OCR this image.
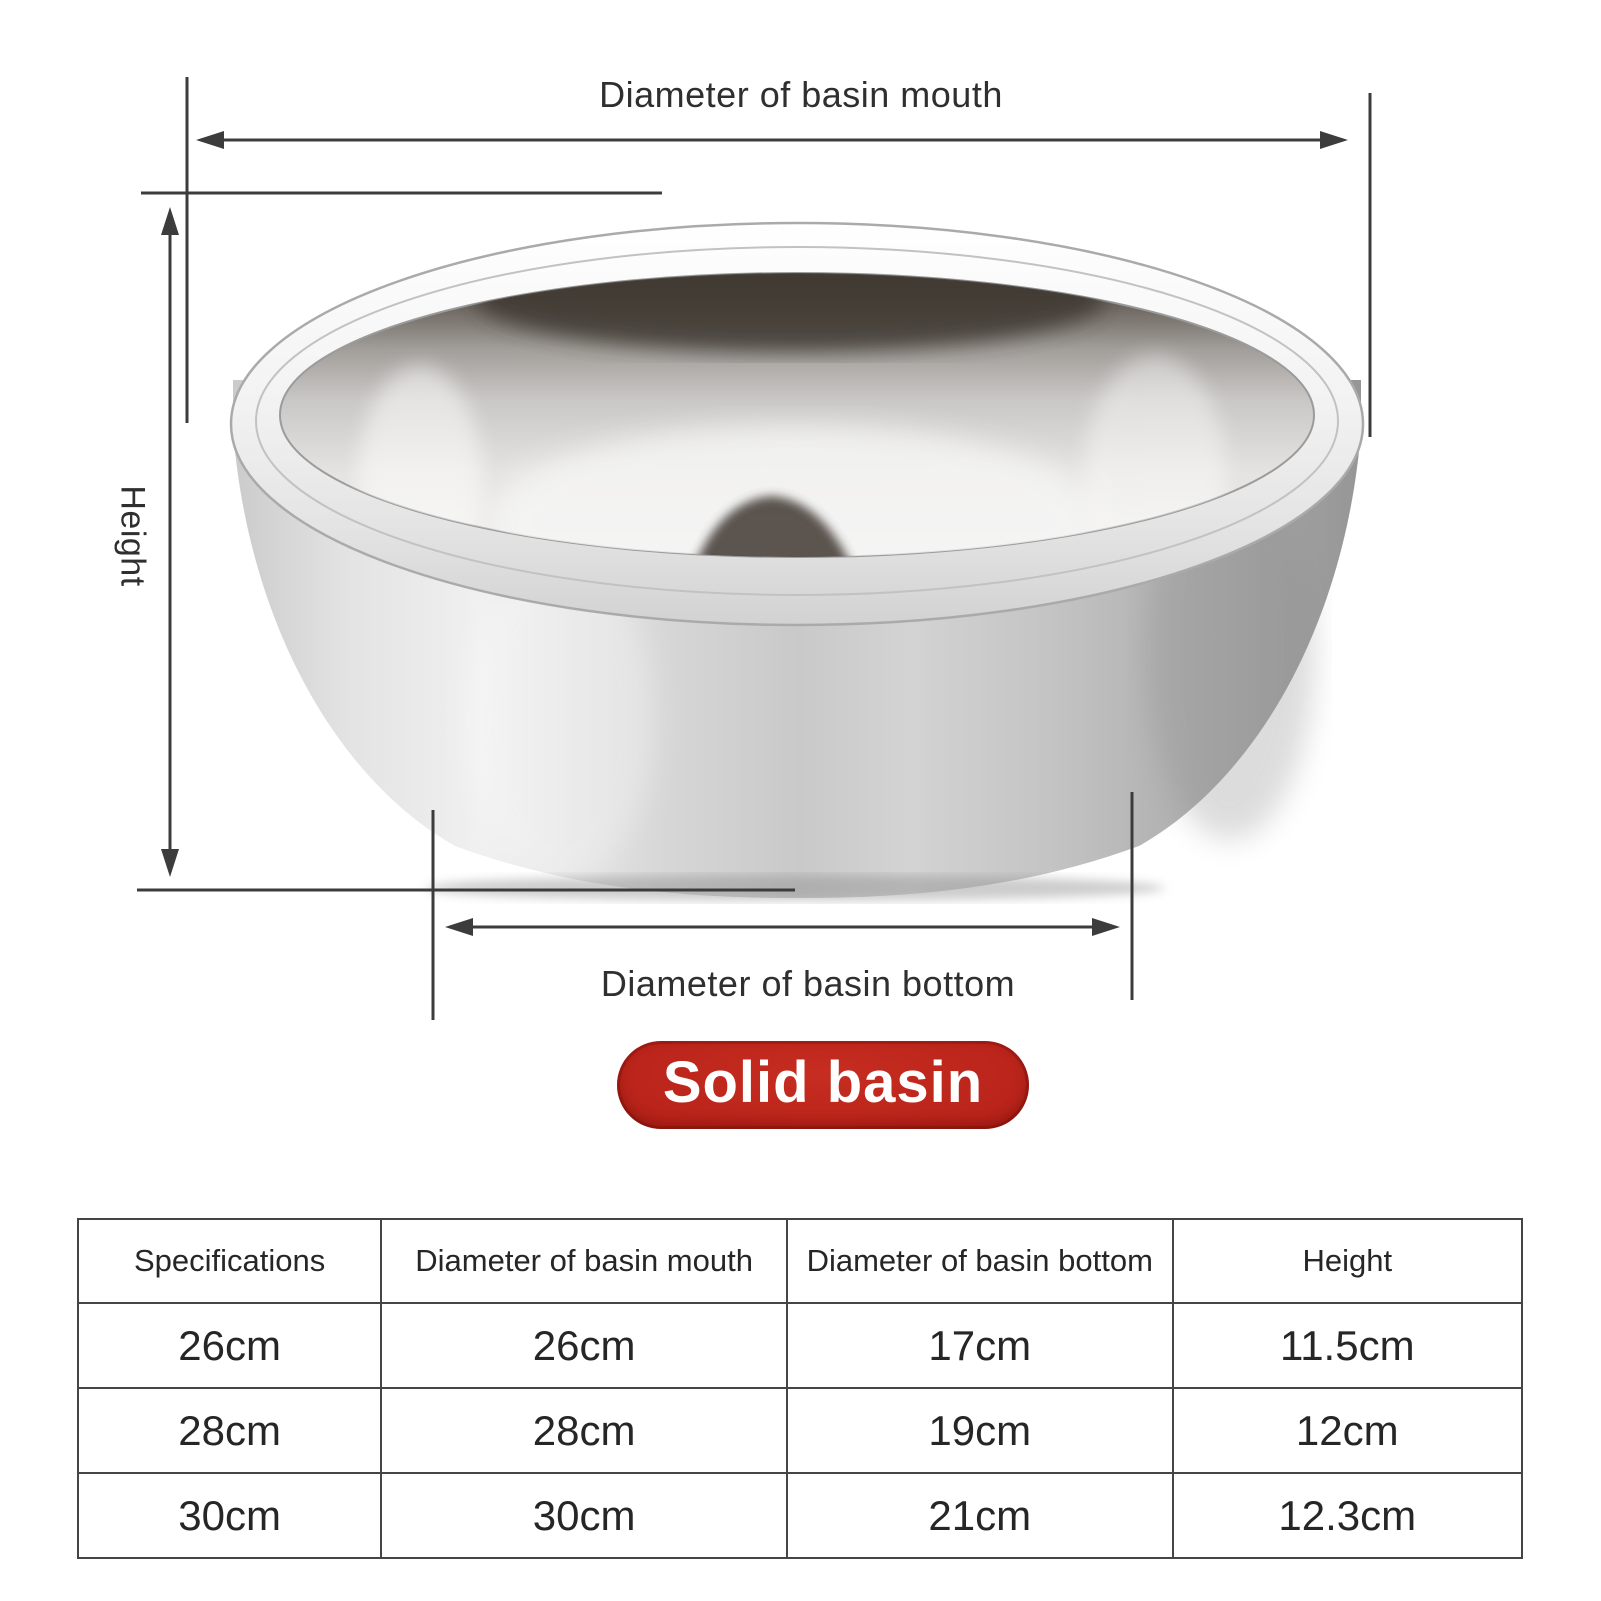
Diameter of basin mouth
Height
Diameter of basin bottom
Solid basin
Specifications	Diameter of basin mouth	Diameter of basin bottom	Height
26cm	26cm	17cm	11.5cm
28cm	28cm	19cm	12cm
30cm	30cm	21cm	12.3cm
